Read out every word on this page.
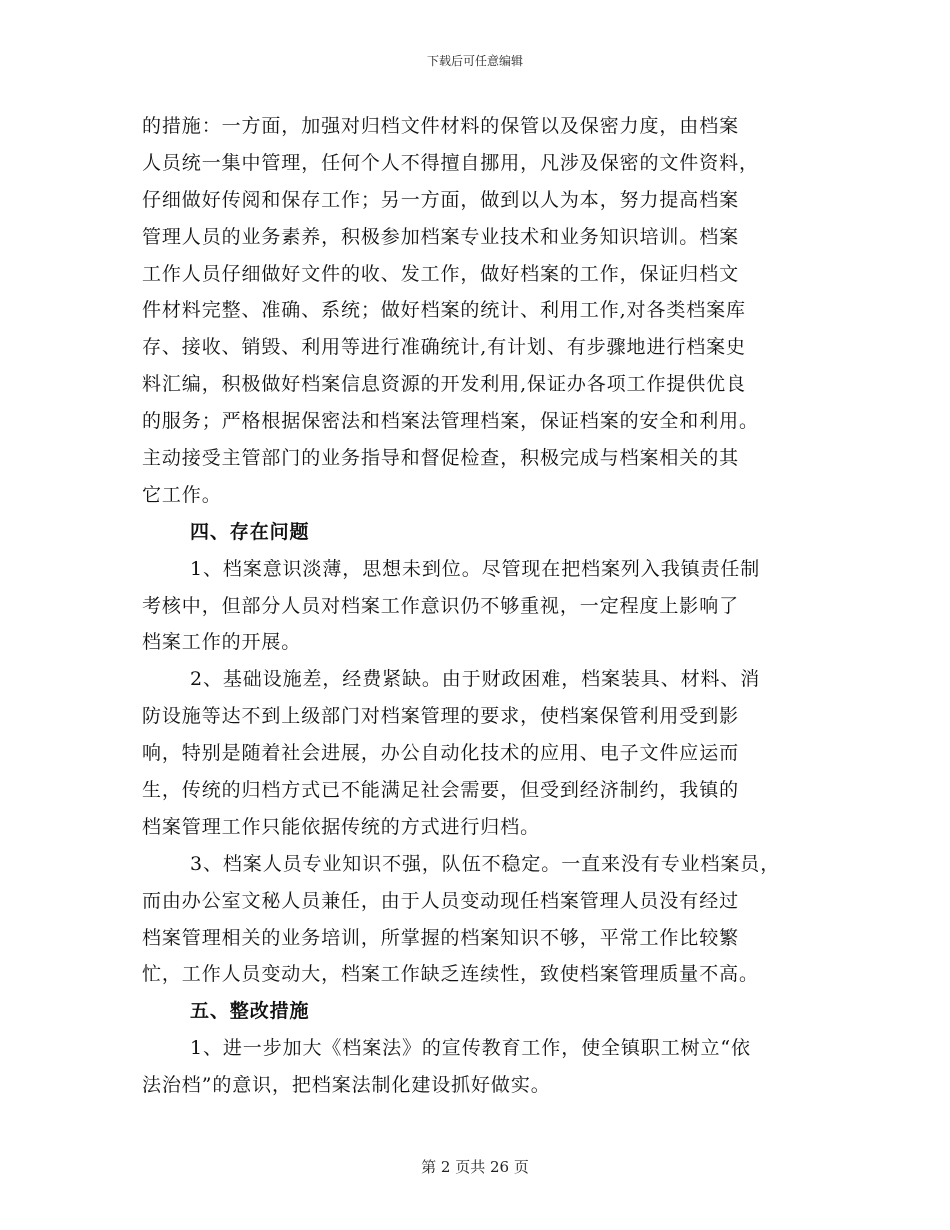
下载后可任意编辑
的措施：一方面，加强对归档文件材料的保管以及保密力度，由档案
人员统一集中管理，任何个人不得擅自挪用，凡涉及保密的文件资料，
仔细做好传阅和保存工作；另一方面，做到以人为本，努力提高档案
管理人员的业务素养，积极参加档案专业技术和业务知识培训。档案
工作人员仔细做好文件的收、发工作，做好档案的工作，保证归档文
件材料完整、准确、系统；做好档案的统计、利用工作,对各类档案库
存、接收、销毁、利用等进行准确统计,有计划、有步骤地进行档案史
料汇编，积极做好档案信息资源的开发利用,保证办各项工作提供优良
的服务；严格根据保密法和档案法管理档案，保证档案的安全和利用。
主动接受主管部门的业务指导和督促检查，积极完成与档案相关的其
它工作。
四、存在问题
1、档案意识淡薄，思想未到位。尽管现在把档案列入我镇责任制
考核中，但部分人员对档案工作意识仍不够重视，一定程度上影响了
档案工作的开展。
2、基础设施差，经费紧缺。由于财政困难，档案装具、材料、消
防设施等达不到上级部门对档案管理的要求，使档案保管利用受到影
响，特别是随着社会进展，办公自动化技术的应用、电子文件应运而
生，传统的归档方式已不能满足社会需要，但受到经济制约，我镇的
档案管理工作只能依据传统的方式进行归档。
3、档案人员专业知识不强，队伍不稳定。一直来没有专业档案员，
而由办公室文秘人员兼任，由于人员变动现任档案管理人员没有经过
档案管理相关的业务培训，所掌握的档案知识不够，平常工作比较繁
忙，工作人员变动大，档案工作缺乏连续性，致使档案管理质量不高。
五、整改措施
1、进一步加大《档案法》的宣传教育工作，使全镇职工树立“依
法治档”的意识，把档案法制化建设抓好做实。
第 2 页共 26 页
